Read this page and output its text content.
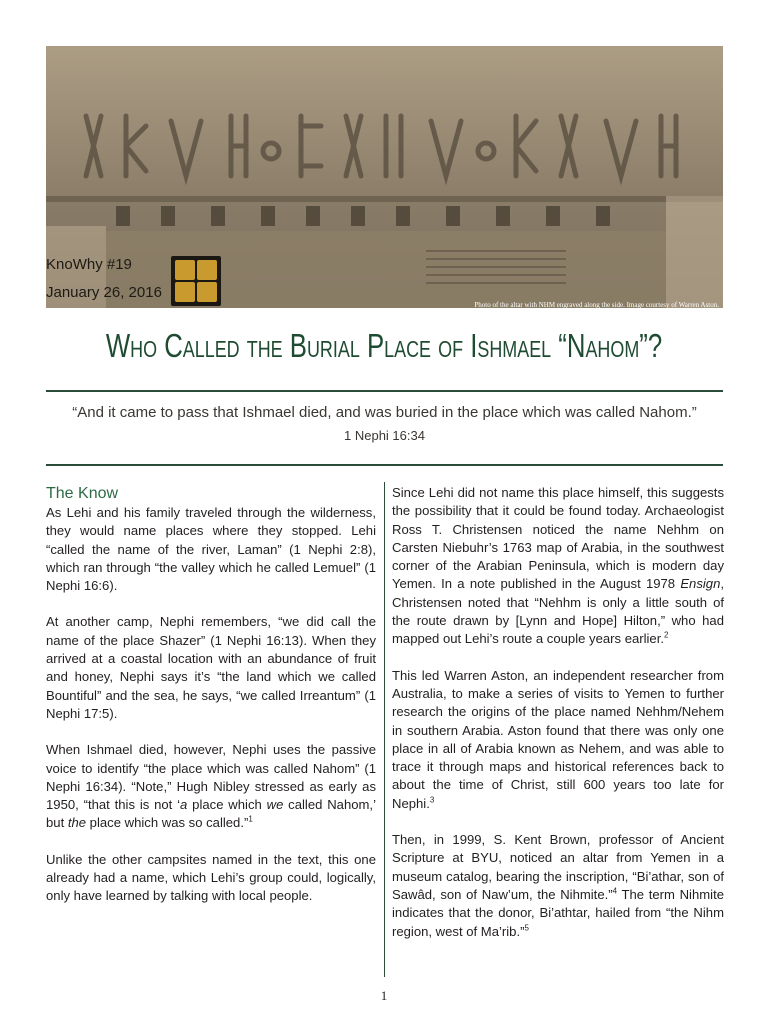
Photo of the altar with NHM engraved along the side. Image courtesy of Warren Aston.
KnoWhy #19
January 26, 2016
Who Called the Burial Place of Ishmael “Nahom”?
“And it came to pass that Ishmael died, and was buried in the place which was called Nahom.”
1 Nephi 16:34
The Know

As Lehi and his family traveled through the wilderness, they would name places where they stopped. Lehi “called the name of the river, Laman” (1 Nephi 2:8), which ran through “the valley which he called Lemuel” (1 Nephi 16:6).

At another camp, Nephi remembers, “we did call the name of the place Shazer” (1 Nephi 16:13). When they arrived at a coastal location with an abundance of fruit and honey, Nephi says it’s “the land which we called Bountiful” and the sea, he says, “we called Irreantum” (1 Nephi 17:5).

When Ishmael died, however, Nephi uses the passive voice to identify “the place which was called Nahom” (1 Nephi 16:34). “Note,” Hugh Nibley stressed as early as 1950, “that this is not ‘a place which we called Nahom,’ but the place which was so called.”$^1$

Unlike the other campsites named in the text, this one already had a name, which Lehi’s group could, logically, only have learned by talking with local people.

Since Lehi did not name this place himself, this suggests the possibility that it could be found today. Archaeologist Ross T. Christensen noticed the name Nehhm on Carsten Niebuhr’s 1763 map of Arabia, in the southwest corner of the Arabian Peninsula, which is modern day Yemen. In a note published in the August 1978 Ensign, Christensen noted that “Nehhm is only a little south of the route drawn by [Lynn and Hope] Hilton,” who had mapped out Lehi’s route a couple years earlier.$^2$

This led Warren Aston, an independent researcher from Australia, to make a series of visits to Yemen to further research the origins of the place named Nehhm/Nehem in southern Arabia. Aston found that there was only one place in all of Arabia known as Nehem, and was able to trace it through maps and historical references back to about the time of Christ, still 600 years too late for Nephi.$^3$

Then, in 1999, S. Kent Brown, professor of Ancient Scripture at BYU, noticed an altar from Yemen in a museum catalog, bearing the inscription, “Bi’athar, son of Sawâd, son of Naw’um, the Nihmite.”$^4$ The term Nihmite indicates that the donor, Bi’athtar, hailed from “the Nihm region, west of Ma’rib.”$^5$

1
